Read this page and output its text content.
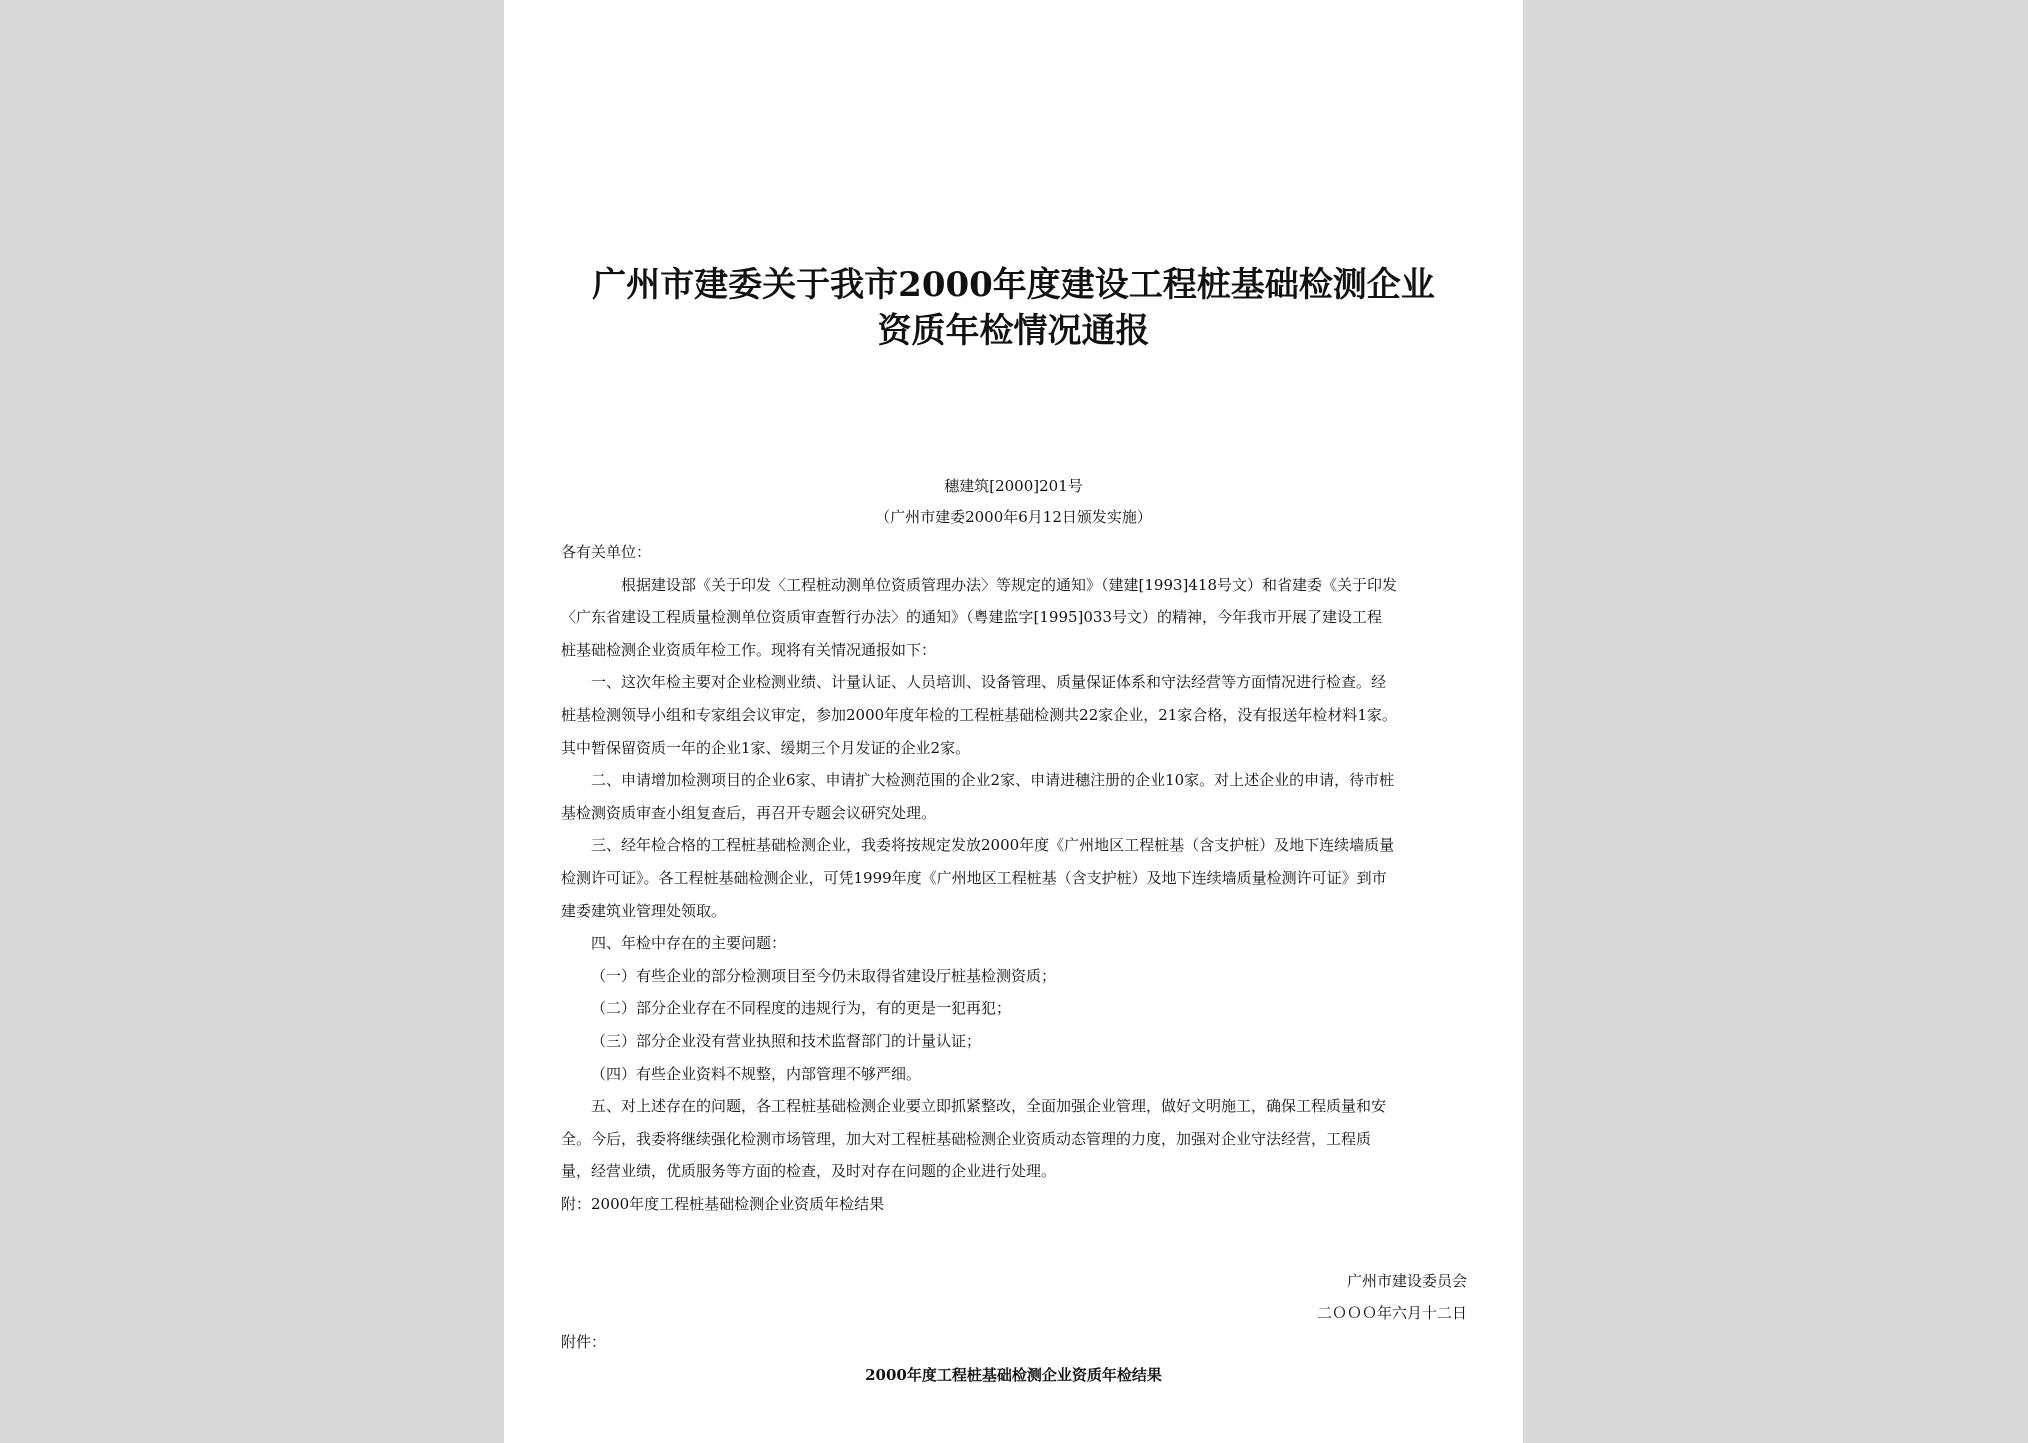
广州市建委关于我市2000年度建设工程桩基础检测企业
资质年检情况通报
穗建筑[2000]201号
（广州市建委2000年6月12日颁发实施）
各有关单位：
　　根据建设部《关于印发〈工程桩动测单位资质管理办法〉等规定的通知》（建建[1993]418号文）和省建委《关于印发
〈广东省建设工程质量检测单位资质审查暂行办法〉的通知》（粤建监字[1995]033号文）的精神，今年我市开展了建设工程
桩基础检测企业资质年检工作。现将有关情况通报如下：
一、这次年检主要对企业检测业绩、计量认证、人员培训、设备管理、质量保证体系和守法经营等方面情况进行检查。经
桩基检测领导小组和专家组会议审定，参加2000年度年检的工程桩基础检测共22家企业，21家合格，没有报送年检材料1家。
其中暂保留资质一年的企业1家、缓期三个月发证的企业2家。
二、申请增加检测项目的企业6家、申请扩大检测范围的企业2家、申请进穗注册的企业10家。对上述企业的申请，待市桩
基检测资质审查小组复查后，再召开专题会议研究处理。
三、经年检合格的工程桩基础检测企业，我委将按规定发放2000年度《广州地区工程桩基（含支护桩）及地下连续墙质量
检测许可证》。各工程桩基础检测企业，可凭1999年度《广州地区工程桩基（含支护桩）及地下连续墙质量检测许可证》到市
建委建筑业管理处领取。
四、年检中存在的主要问题：
（一）有些企业的部分检测项目至今仍未取得省建设厅桩基检测资质；
（二）部分企业存在不同程度的违规行为，有的更是一犯再犯；
（三）部分企业没有营业执照和技术监督部门的计量认证；
（四）有些企业资料不规整，内部管理不够严细。
五、对上述存在的问题，各工程桩基础检测企业要立即抓紧整改，全面加强企业管理，做好文明施工，确保工程质量和安
全。今后，我委将继续强化检测市场管理，加大对工程桩基础检测企业资质动态管理的力度，加强对企业守法经营，工程质
量，经营业绩，优质服务等方面的检查，及时对存在问题的企业进行处理。
附：2000年度工程桩基础检测企业资质年检结果
广州市建设委员会
二ＯＯＯ年六月十二日
附件：
2000年度工程桩基础检测企业资质年检结果
